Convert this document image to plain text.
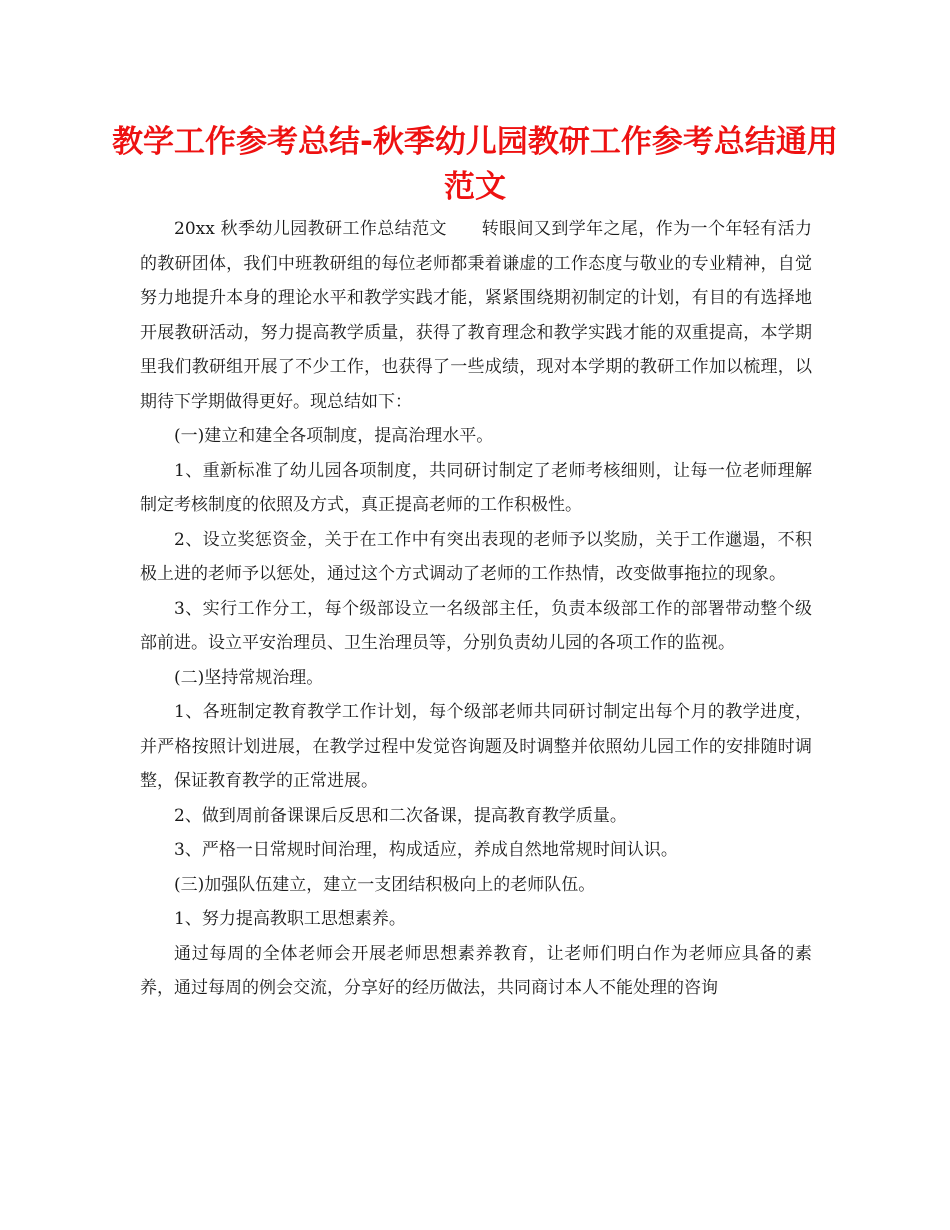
教学工作参考总结-秋季幼儿园教研工作参考总结通用范文

20xx 秋季幼儿园教研工作总结范文　　转眼间又到学年之尾，作为一个年轻有活力的教研团体，我们中班教研组的每位老师都秉着谦虚的工作态度与敬业的专业精神，自觉努力地提升本身的理论水平和教学实践才能，紧紧围绕期初制定的计划，有目的有选择地开展教研活动，努力提高教学质量，获得了教育理念和教学实践才能的双重提高，本学期里我们教研组开展了不少工作，也获得了一些成绩，现对本学期的教研工作加以梳理，以期待下学期做得更好。现总结如下：

(一)建立和建全各项制度，提高治理水平。

1、重新标准了幼儿园各项制度，共同研讨制定了老师考核细则，让每一位老师理解制定考核制度的依照及方式，真正提高老师的工作积极性。

2、设立奖惩资金，关于在工作中有突出表现的老师予以奖励，关于工作邋遢，不积极上进的老师予以惩处，通过这个方式调动了老师的工作热情，改变做事拖拉的现象。

3、实行工作分工，每个级部设立一名级部主任，负责本级部工作的部署带动整个级部前进。设立平安治理员、卫生治理员等，分别负责幼儿园的各项工作的监视。

(二)坚持常规治理。

1、各班制定教育教学工作计划，每个级部老师共同研讨制定出每个月的教学进度，并严格按照计划进展，在教学过程中发觉咨询题及时调整并依照幼儿园工作的安排随时调整，保证教育教学的正常进展。

2、做到周前备课课后反思和二次备课，提高教育教学质量。

3、严格一日常规时间治理，构成适应，养成自然地常规时间认识。

(三)加强队伍建立，建立一支团结积极向上的老师队伍。

1、努力提高教职工思想素养。

通过每周的全体老师会开展老师思想素养教育，让老师们明白作为老师应具备的素养，通过每周的例会交流，分享好的经历做法，共同商讨本人不能处理的咨询
